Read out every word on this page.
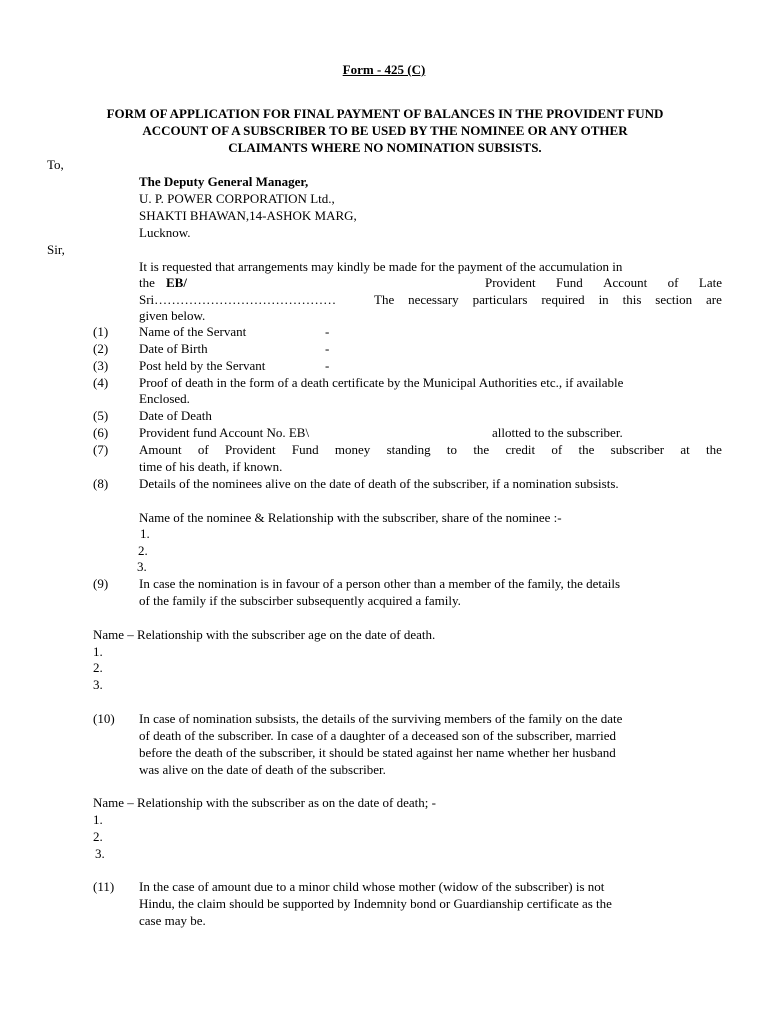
Form - 425 (C)
FORM OF APPLICATION FOR FINAL PAYMENT OF BALANCES IN THE PROVIDENT FUND
ACCOUNT OF A SUBSCRIBER TO BE USED BY THE NOMINEE OR ANY OTHER
CLAIMANTS WHERE NO NOMINATION SUBSISTS.
To,
The Deputy General Manager,
U. P. POWER CORPORATION Ltd.,
SHAKTI BHAWAN,14-ASHOK MARG,
Lucknow.
Sir,
It is requested that arrangements may kindly be made for the payment of the accumulation in
the EB/	Provident Fund Account of Late
Sri……………………………………	The necessary particulars required in this section are
given below.
(1) Name of the Servant	-
(2) Date of Birth	-
(3) Post held by the Servant	-
(4) Proof of death in the form of a death certificate by the Municipal Authorities etc., if available
Enclosed.
(5) Date of Death
(6) Provident fund Account No. EB\	allotted to the subscriber.
(7) Amount of Provident Fund money standing to the credit of the subscriber at the
time of his death, if known.
(8) Details of the nominees alive on the date of death of the subscriber, if a nomination subsists.
Name of the nominee & Relationship with the subscriber, share of the nominee :-
1.
2.
3.
(9) In case the nomination is in favour of a person other than a member of the family, the details
of the family if the subscirber subsequently acquired a family.
Name – Relationship with the subscriber age on the date of death.
1.
2.
3.
(10) In case of nomination subsists, the details of the surviving members of the family on the date
of death of the subscriber. In case of a daughter of a deceased son of the subscriber, married
before the death of the subscriber, it should be stated against her name whether her husband
was alive on the date of death of the subscriber.
Name – Relationship with the subscriber as on the date of death; -
1.
2.
3.
(11) In the case of amount due to a minor child whose mother (widow of the subscriber) is not
Hindu, the claim should be supported by Indemnity bond or Guardianship certificate as the
case may be.
